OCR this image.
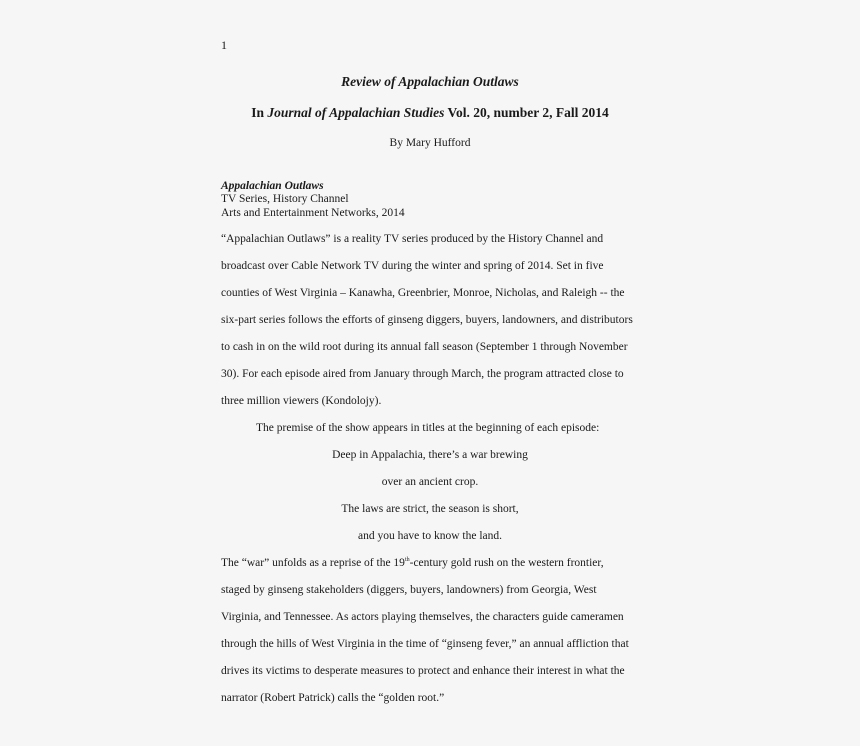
1
Review of Appalachian Outlaws
In Journal of Appalachian Studies Vol. 20, number 2, Fall 2014
By Mary Hufford
Appalachian Outlaws
TV Series, History Channel
Arts and Entertainment Networks, 2014
“Appalachian Outlaws” is a reality TV series produced by the History Channel and
broadcast over Cable Network TV during the winter and spring of 2014. Set in five
counties of West Virginia – Kanawha, Greenbrier, Monroe, Nicholas, and Raleigh -- the
six-part series follows the efforts of ginseng diggers, buyers, landowners, and distributors
to cash in on the wild root during its annual fall season (September 1 through November
30). For each episode aired from January through March, the program attracted close to
three million viewers (Kondolojy).
The premise of the show appears in titles at the beginning of each episode:
Deep in Appalachia, there’s a war brewing
over an ancient crop.
The laws are strict, the season is short,
and you have to know the land.
The “war” unfolds as a reprise of the 19th-century gold rush on the western frontier,
staged by ginseng stakeholders (diggers, buyers, landowners) from Georgia, West
Virginia, and Tennessee. As actors playing themselves, the characters guide cameramen
through the hills of West Virginia in the time of “ginseng fever,” an annual affliction that
drives its victims to desperate measures to protect and enhance their interest in what the
narrator (Robert Patrick) calls the “golden root.”
